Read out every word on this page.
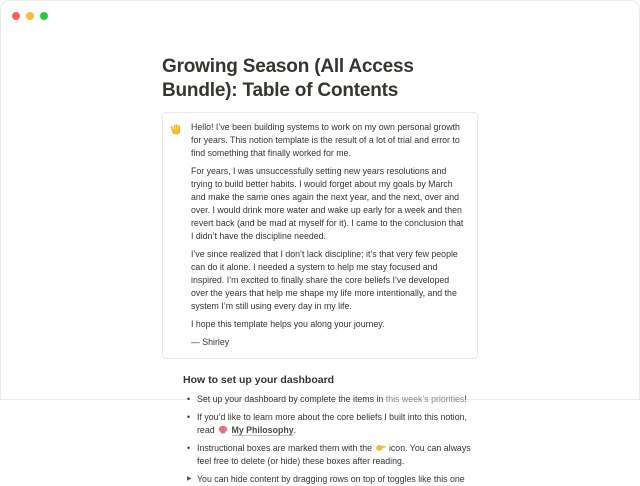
Growing Season (All Access Bundle): Table of Contents

Hello! I’ve been building systems to work on my own personal growth for years. This notion template is the result of a lot of trial and error to find something that finally worked for me.

For years, I was unsuccessfully setting new years resolutions and trying to build better habits. I would forget about my goals by March and make the same ones again the next year, and the next, over and over. I would drink more water and wake up early for a week and then revert back (and be mad at myself for it). I came to the conclusion that I didn’t have the discipline needed.

I’ve since realized that I don’t lack discipline; it’s that very few people can do it alone. I needed a system to help me stay focused and inspired. I’m excited to finally share the core beliefs I’ve developed over the years that help me shape my life more intentionally, and the system I’m still using every day in my life.

I hope this template helps you along your journey.

— Shirley

How to set up your dashboard
• Set up your dashboard by complete the items in this week’s priorities!
• If you’d like to learn more about the core beliefs I built into this notion, read  My Philosophy.
• Instructional boxes are marked them with the  icon. You can always feel free to delete (or hide) these boxes after reading.
▶ You can hide content by dragging rows on top of toggles like this one
